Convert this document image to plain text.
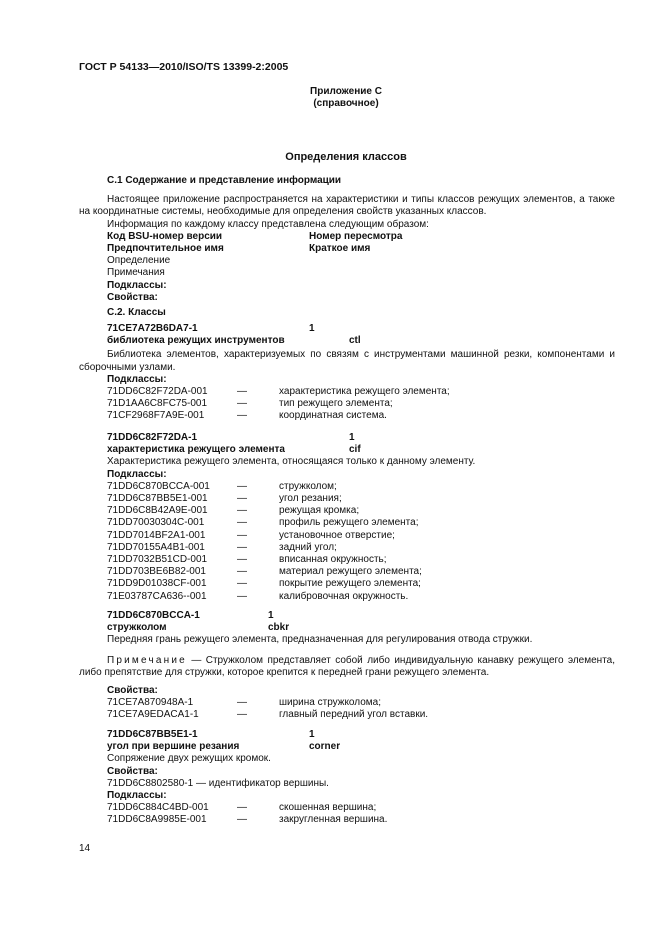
ГОСТ Р 54133—2010/ISO/TS 13399-2:2005
Приложение С
(справочное)
Определения классов
С.1 Содержание и представление информации
Настоящее приложение распространяется на характеристики и типы классов режущих элементов, а также на координатные системы, необходимые для определения свойств указанных классов.
Информация по каждому классу представлена следующим образом:
Код BSU-номер версии	Номер пересмотра
Предпочтительное имя	Краткое имя
Определение
Примечания
Подклассы:
Свойства:
С.2. Классы
71CE7A72B6DA7-1	1
библиотека режущих инструментов	ctl
Библиотека элементов, характеризуемых по связям с инструментами машинной резки, компонентами и сборочными узлами.
Подклассы:
71DD6C82F72DA-001	—	характеристика режущего элемента;
71D1AA6C8FC75-001	—	тип режущего элемента;
71CF2968F7A9E-001	—	координатная система.
71DD6C82F72DA-1	1
характеристика режущего элемента	cif
Характеристика режущего элемента, относящаяся только к данному элементу.
Подклассы:
71DD6C870BCCA-001	—	стружколом;
71DD6C87BB5E1-001	—	угол резания;
71DD6C8B42A9E-001	—	режущая кромка;
71DD70030304C-001	—	профиль режущего элемента;
71DD7014BF2A1-001	—	установочное отверстие;
71DD70155A4B1-001	—	задний угол;
71DD7032B51CD-001	—	вписанная окружность;
71DD703BE6B82-001	—	материал режущего элемента;
71DD9D01038CF-001	—	покрытие режущего элемента;
71E03787CA636--001	—	калибровочная окружность.
71DD6C870BCCA-1	1
стружколом	cbkr
Передняя грань режущего элемента, предназначенная для регулирования отвода стружки.
Примечание — Стружколом представляет собой либо индивидуальную канавку режущего элемента, либо препятствие для стружки, которое крепится к передней грани режущего элемента.
Свойства:
71CE7A870948A-1	—	ширина стружколома;
71CE7A9EDACA1-1	—	главный передний угол вставки.
71DD6C87BB5E1-1	1
угол при вершине резания	corner
Сопряжение двух режущих кромок.
Свойства:
71DD6C8802580-1 — идентификатор вершины.
Подклассы:
71DD6C884C4BD-001	—	скошенная вершина;
71DD6C8A9985E-001	—	закругленная вершина.
14
